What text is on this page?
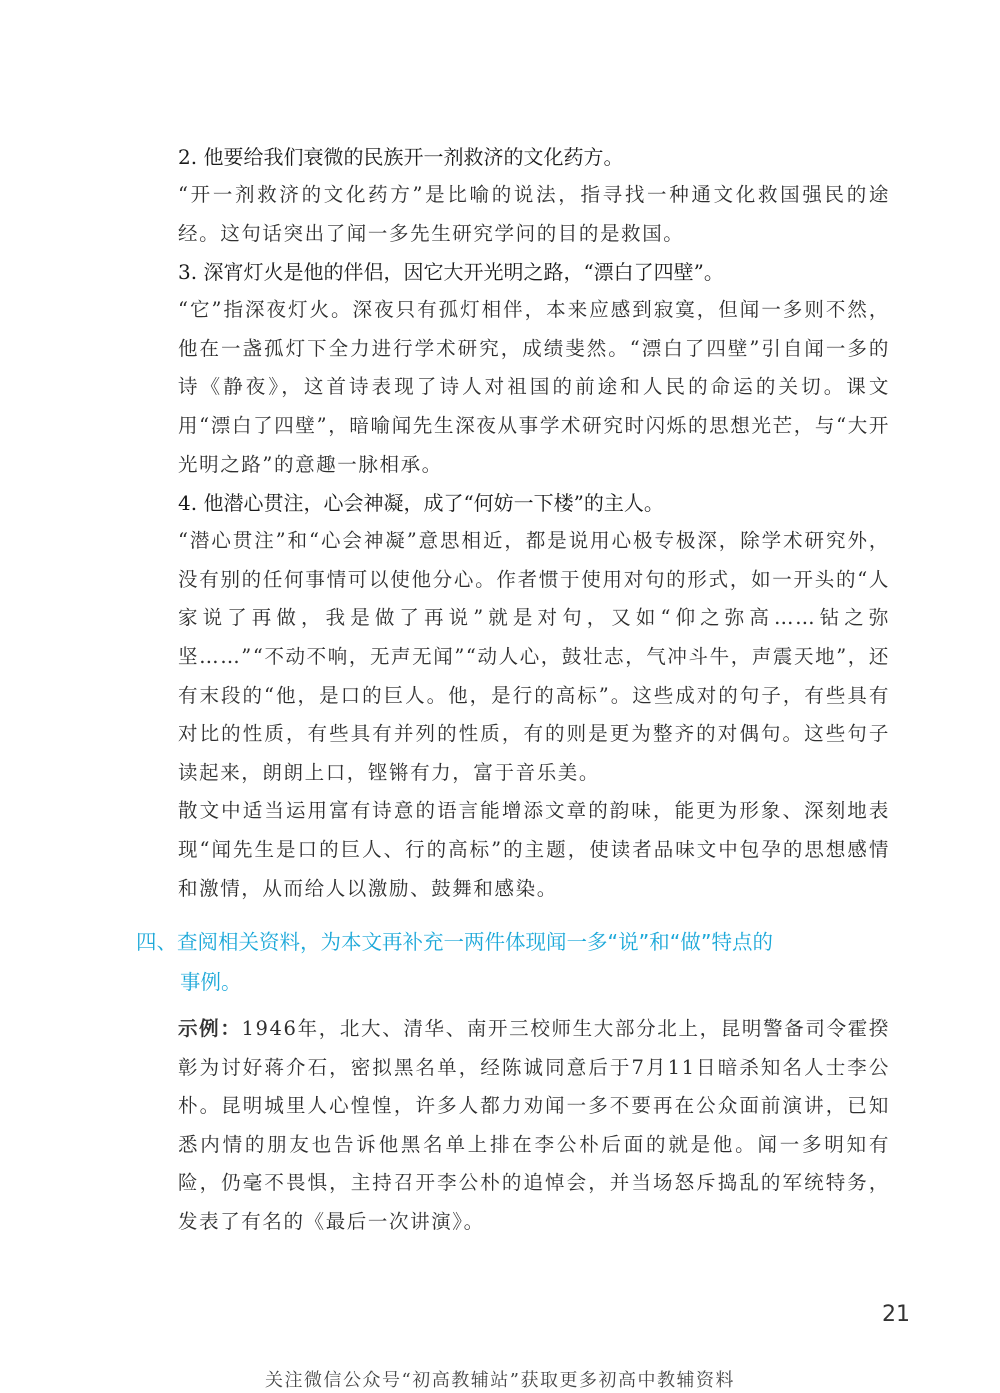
2. 他要给我们衰微的民族开一剂救济的文化药方。

“开一剂救济的文化药方”是比喻的说法，指寻找一种通文化救国强民的途经。这句话突出了闻一多先生研究学问的目的是救国。

3. 深宵灯火是他的伴侣，因它大开光明之路，“漂白了四壁”。

“它”指深夜灯火。深夜只有孤灯相伴，本来应感到寂寞，但闻一多则不然，他在一盏孤灯下全力进行学术研究，成绩斐然。“漂白了四壁”引自闻一多的诗《静夜》，这首诗表现了诗人对祖国的前途和人民的命运的关切。课文用“漂白了四壁”，暗喻闻先生深夜从事学术研究时闪烁的思想光芒，与“大开光明之路”的意趣一脉相承。

4. 他潜心贯注，心会神凝，成了“何妨一下楼”的主人。

“潜心贯注”和“心会神凝”意思相近，都是说用心极专极深，除学术研究外，没有别的任何事情可以使他分心。作者惯于使用对句的形式，如一开头的“人家说了再做，我是做了再说”就是对句，又如“仰之弥高……钻之弥坚……”“不动不响，无声无闻”“动人心，鼓壮志，气冲斗牛，声震天地”，还有末段的“他，是口的巨人。他，是行的高标”。这些成对的句子，有些具有对比的性质，有些具有并列的性质，有的则是更为整齐的对偶句。这些句子读起来，朗朗上口，铿锵有力，富于音乐美。

散文中适当运用富有诗意的语言能增添文章的韵味，能更为形象、深刻地表现“闻先生是口的巨人、行的高标”的主题，使读者品味文中包孕的思想感情和激情，从而给人以激励、鼓舞和感染。

四、查阅相关资料，为本文再补充一两件体现闻一多“说”和“做”特点的
事例。
示例：1946年，北大、清华、南开三校师生大部分北上，昆明警备司令霍揆彰为讨好蒋介石，密拟黑名单，经陈诚同意后于7月11日暗杀知名人士李公朴。昆明城里人心惶惶，许多人都力劝闻一多不要再在公众面前演讲，已知悉内情的朋友也告诉他黑名单上排在李公朴后面的就是他。闻一多明知有险，仍毫不畏惧，主持召开李公朴的追悼会，并当场怒斥捣乱的军统特务，发表了有名的《最后一次讲演》。
21
关注微信公众号“初高教辅站”获取更多初高中教辅资料
